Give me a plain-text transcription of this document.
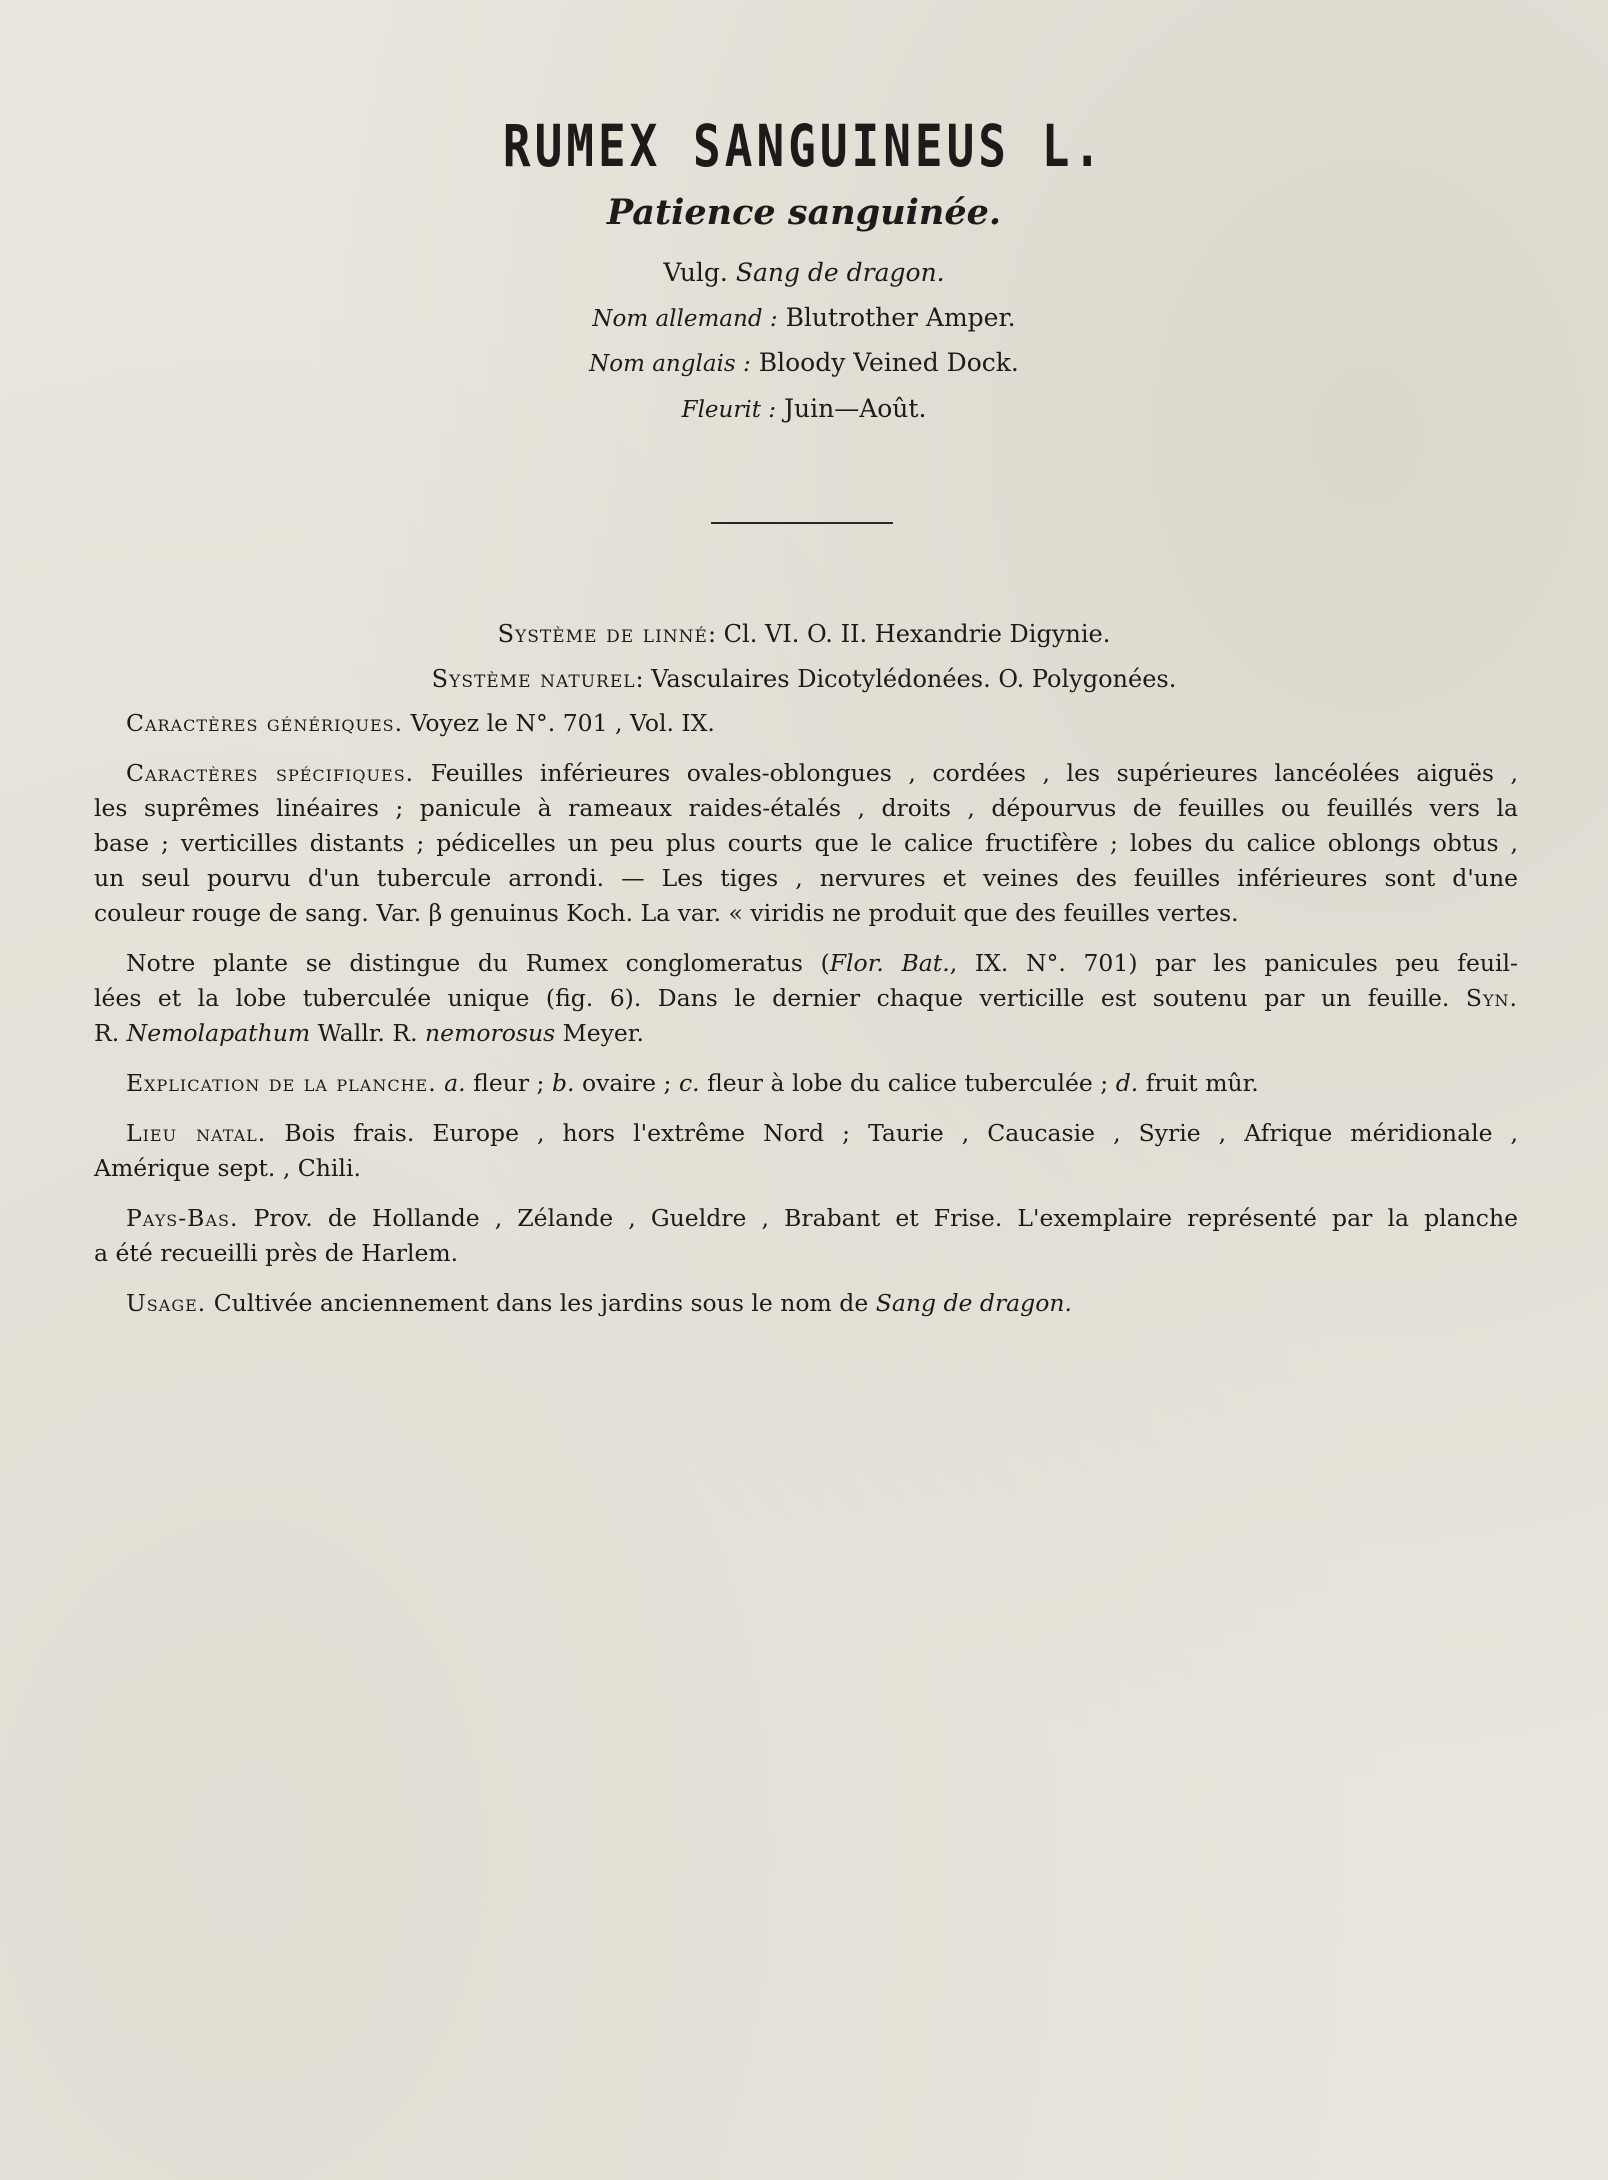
RUMEX SANGUINEUS L.
Patience sanguinée.
Vulg. Sang de dragon.
Nom allemand : Blutrother Amper.
Nom anglais : Bloody Veined Dock.
Fleurit : Juin—Août.
Système de linné: Cl. VI. O. II. Hexandrie Digynie.
Système naturel: Vasculaires Dicotylédonées. O. Polygonées.
Caractères génériques. Voyez le N°. 701 , Vol. IX.
Caractères spécifiques. Feuilles inférieures ovales-oblongues , cordées , les supérieures lancéolées aiguës ,
les suprêmes linéaires ; panicule à rameaux raides-étalés , droits , dépourvus de feuilles ou feuillés vers la
base ; verticilles distants ; pédicelles un peu plus courts que le calice fructifère ; lobes du calice oblongs obtus ,
un seul pourvu d'un tubercule arrondi. — Les tiges , nervures et veines des feuilles inférieures sont d'une
couleur rouge de sang. Var. β genuinus Koch. La var. « viridis ne produit que des feuilles vertes.
Notre plante se distingue du Rumex conglomeratus (Flor. Bat., IX. N°. 701) par les panicules peu feuil-
lées et la lobe tuberculée unique (fig. 6). Dans le dernier chaque verticille est soutenu par un feuille. Syn.
R. Nemolapathum Wallr. R. nemorosus Meyer.
Explication de la planche. a. fleur ; b. ovaire ; c. fleur à lobe du calice tuberculée ; d. fruit mûr.
Lieu natal. Bois frais. Europe , hors l'extrême Nord ; Taurie , Caucasie , Syrie , Afrique méridionale ,
Amérique sept. , Chili.
Pays-Bas. Prov. de Hollande , Zélande , Gueldre , Brabant et Frise. L'exemplaire représenté par la planche
a été recueilli près de Harlem.
Usage. Cultivée anciennement dans les jardins sous le nom de Sang de dragon.
